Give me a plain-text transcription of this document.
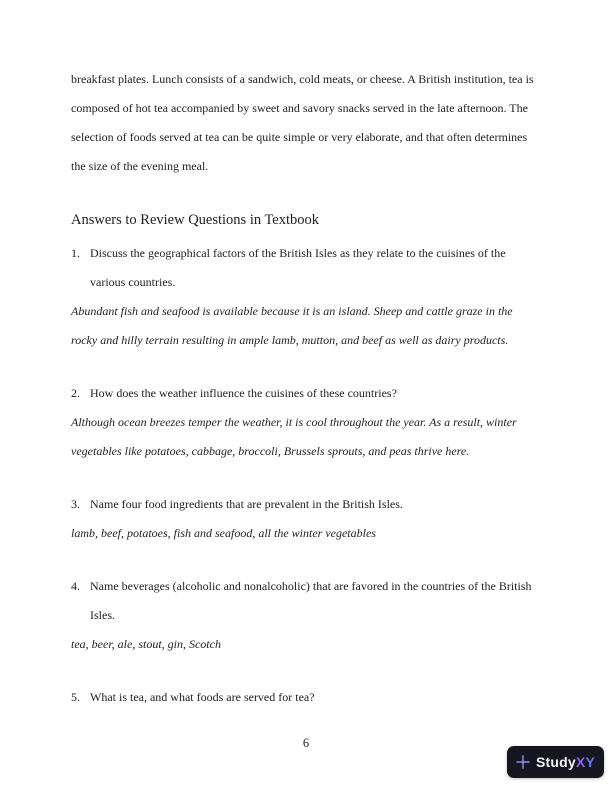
breakfast plates. Lunch consists of a sandwich, cold meats, or cheese. A British institution, tea is

composed of hot tea accompanied by sweet and savory snacks served in the late afternoon. The

selection of foods served at tea can be quite simple or very elaborate, and that often determines

the size of the evening meal.

Answers to Review Questions in Textbook
1. Discuss the geographical factors of the British Isles as they relate to the cuisines of the
various countries.

Abundant fish and seafood is available because it is an island. Sheep and cattle graze in the

rocky and hilly terrain resulting in ample lamb, mutton, and beef as well as dairy products.

2. How does the weather influence the cuisines of these countries?

Although ocean breezes temper the weather, it is cool throughout the year. As a result, winter

vegetables like potatoes, cabbage, broccoli, Brussels sprouts, and peas thrive here.

3. Name four food ingredients that are prevalent in the British Isles.

lamb, beef, potatoes, fish and seafood, all the winter vegetables

4. Name beverages (alcoholic and nonalcoholic) that are favored in the countries of the British
Isles.

tea, beer, ale, stout, gin, Scotch

5. What is tea, and what foods are served for tea?
6
Study X Y
